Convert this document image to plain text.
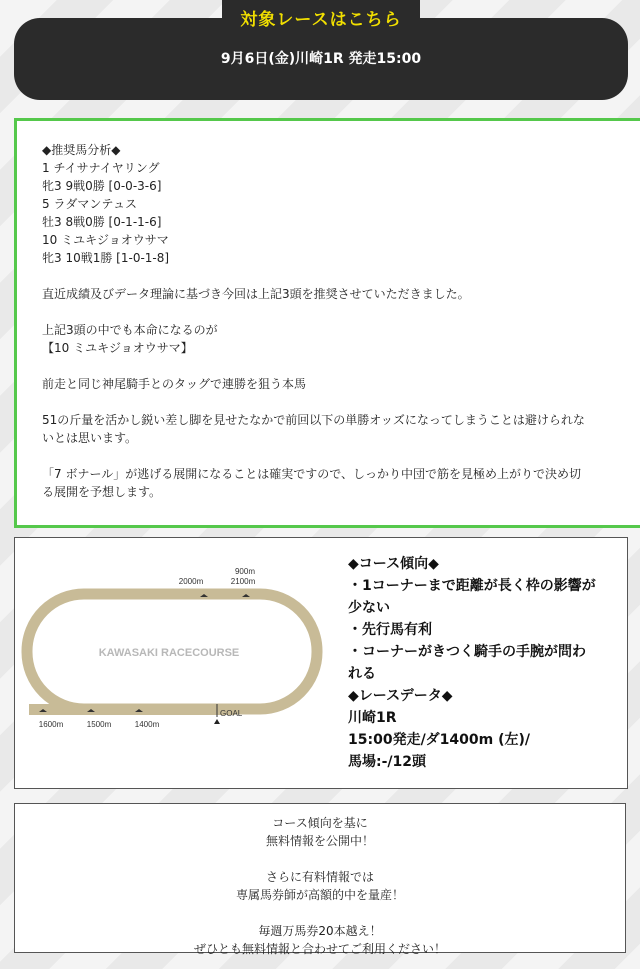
対象レースはこちら
9月6日(金)川崎1R 発走15:00
◆推奨馬分析◆
1 チイサナイヤリング
牝3 9戦0勝 [0-0-3-6]
5 ラダマンテュス
牡3 8戦0勝 [0-1-1-6]
10 ミユキジョオウサマ
牝3 10戦1勝 [1-0-1-8]
直近成績及びデータ理論に基づき今回は上記3頭を推奨させていただきました。
上記3頭の中でも本命になるのが
【10 ミユキジョオウサマ】
前走と同じ神尾騎手とのタッグで連勝を狙う本馬
51の斤量を活かし鋭い差し脚を見せたなかで前回以下の単勝オッズになってしまうことは避けられな
いとは思います。
「7 ボナール」が逃げる展開になることは確実ですので、しっかり中団で筋を見極め上がりで決め切
る展開を予想します。
KAWASAKI RACECOURSE
900m
2000m	2100m
1600m	1500m	1400m
GOAL
◆コース傾向◆
・1コーナーまで距離が長く枠の影響が
少ない
・先行馬有利
・コーナーがきつく騎手の手腕が問わ
れる
◆レースデータ◆
川崎1R
15:00発走/ダ1400m (左)/
馬場:-/12頭
コース傾向を基に
無料情報を公開中！
さらに有料情報では
専属馬券師が高額的中を量産！
毎週万馬券20本越え！
ぜひとも無料情報と合わせてご利用ください！
